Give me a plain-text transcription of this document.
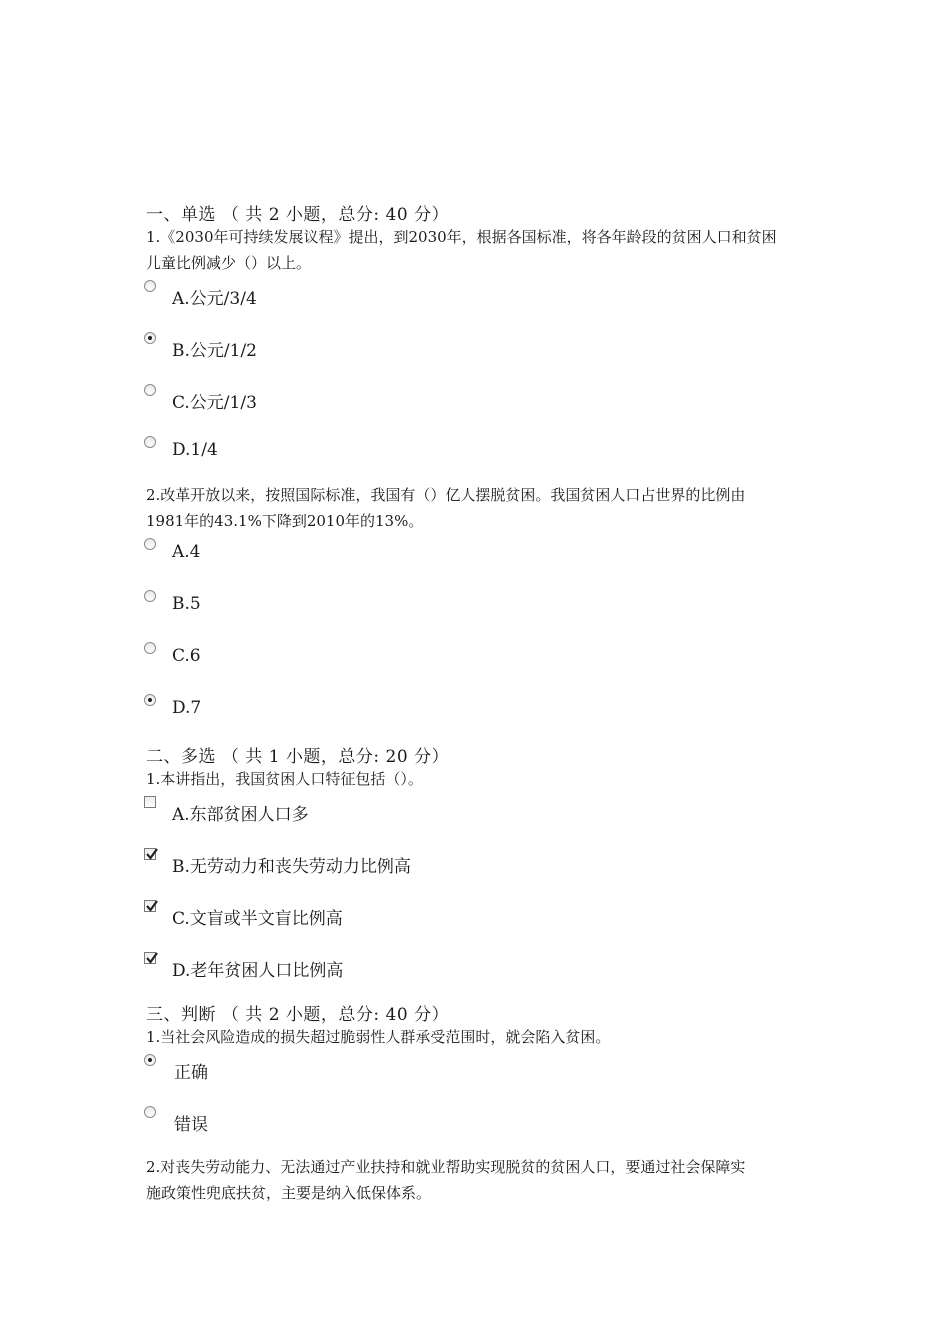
一、单选 （ 共 2 小题，总分: 40 分）
1.《2030年可持续发展议程》提出，到2030年，根据各国标准，将各年龄段的贫困人口和贫困
儿童比例减少（）以上。
A.公元/3/4
B.公元/1/2
C.公元/1/3
D.1/4
2.改革开放以来，按照国际标准，我国有（）亿人摆脱贫困。我国贫困人口占世界的比例由
1981年的43.1%下降到2010年的13%。
A.4
B.5
C.6
D.7
二、多选 （ 共 1 小题，总分: 20 分）
1.本讲指出，我国贫困人口特征包括（）。
A.东部贫困人口多
B.无劳动力和丧失劳动力比例高
C.文盲或半文盲比例高
D.老年贫困人口比例高
三、判断 （ 共 2 小题，总分: 40 分）
1.当社会风险造成的损失超过脆弱性人群承受范围时，就会陷入贫困。
正确
错误
2.对丧失劳动能力、无法通过产业扶持和就业帮助实现脱贫的贫困人口，要通过社会保障实
施政策性兜底扶贫，主要是纳入低保体系。
